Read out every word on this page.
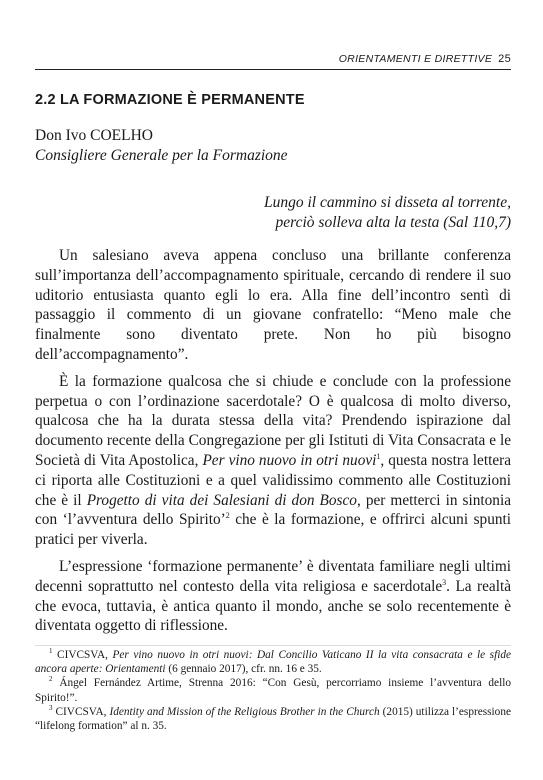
ORIENTAMENTI E DIRETTIVE 25
2.2 LA FORMAZIONE È PERMANENTE
Don Ivo COELHO
Consigliere Generale per la Formazione
Lungo il cammino si disseta al torrente,
perciò solleva alta la testa (Sal 110,7)

Un salesiano aveva appena concluso una brillante conferenza sull’importanza dell’accompagnamento spirituale, cercando di rendere il suo uditorio entusiasta quanto egli lo era. Alla fine dell’incontro sentì di passaggio il commento di un giovane confratello: “Meno male che finalmente sono diventato prete. Non ho più bisogno dell’accompagnamento”.

È la formazione qualcosa che si chiude e conclude con la professione perpetua o con l’ordinazione sacerdotale? O è qualcosa di molto diverso, qualcosa che ha la durata stessa della vita? Prendendo ispirazione dal documento recente della Congregazione per gli Istituti di Vita Consacrata e le Società di Vita Apostolica, Per vino nuovo in otri nuovi$^1$, questa nostra lettera ci riporta alle Costituzioni e a quel validissimo commento alle Costituzioni che è il Progetto di vita dei Salesiani di don Bosco, per metterci in sintonia con ‘l’avventura dello Spirito’$^2$ che è la formazione, e offrirci alcuni spunti pratici per viverla.

L’espressione ‘formazione permanente’ è diventata familiare negli ultimi decenni soprattutto nel contesto della vita religiosa e sacerdotale$^3$. La realtà che evoca, tuttavia, è antica quanto il mondo, anche se solo recentemente è diventata oggetto di riflessione.

$^1$ CIVCSVA, Per vino nuovo in otri nuovi: Dal Concilio Vaticano II la vita consacrata e le sfide ancora aperte: Orientamenti (6 gennaio 2017), cfr. nn. 16 e 35.

$^2$ Ángel Fernández Artime, Strenna 2016: “Con Gesù, percorriamo insieme l’avventura dello Spirito!”.

$^3$ CIVCSVA, Identity and Mission of the Religious Brother in the Church (2015) utilizza l’espressione “lifelong formation” al n. 35.
